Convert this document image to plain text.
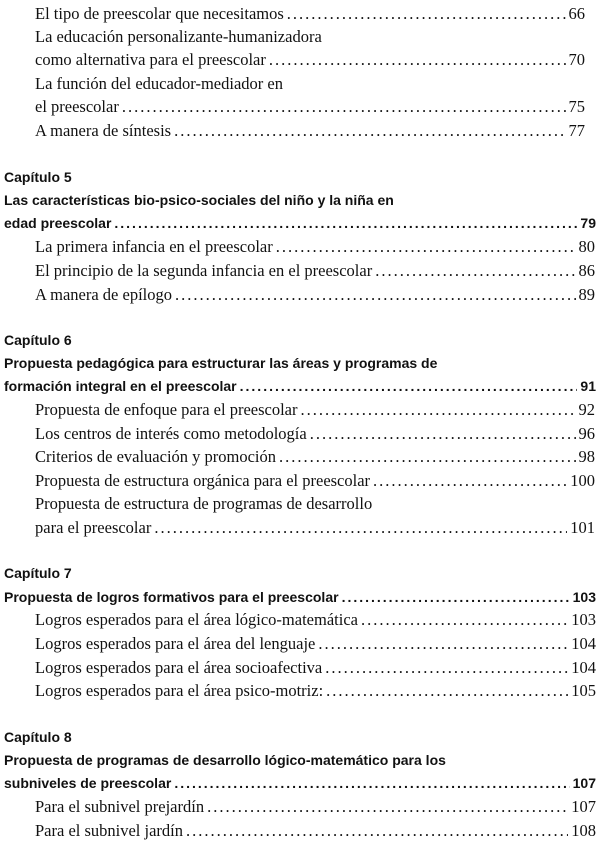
El tipo de preescolar que necesitamos .....	66
La educación personalizante-humanizadora
como alternativa para el preescolar .....	70
La función del educador-mediador en
el preescolar .....	75
A manera de síntesis .....	77
Capítulo 5
Las características bio-psico-sociales del niño y la niña en
edad preescolar .....	79
La primera infancia en el preescolar .....	80
El principio de la segunda infancia en el preescolar .....	86
A manera de epílogo .....	89
Capítulo 6
Propuesta pedagógica para estructurar las áreas y programas de
formación integral en el preescolar .....	91
Propuesta de enfoque para el preescolar .....	92
Los centros de interés como metodología .....	96
Criterios de evaluación y promoción .....	98
Propuesta de estructura orgánica para el preescolar .....	100
Propuesta de estructura de programas de desarrollo
para el preescolar .....	101
Capítulo 7
Propuesta de logros formativos para el preescolar .....	103
Logros esperados para el área lógico-matemática .....	103
Logros esperados para el área del lenguaje .....	104
Logros esperados para el área socioafectiva .....	104
Logros esperados para el área psico-motriz: .....	105
Capítulo 8
Propuesta de programas de desarrollo lógico-matemático para los
subniveles de preescolar .....	107
Para el subnivel prejardín .....	107
Para el subnivel jardín .....	108
